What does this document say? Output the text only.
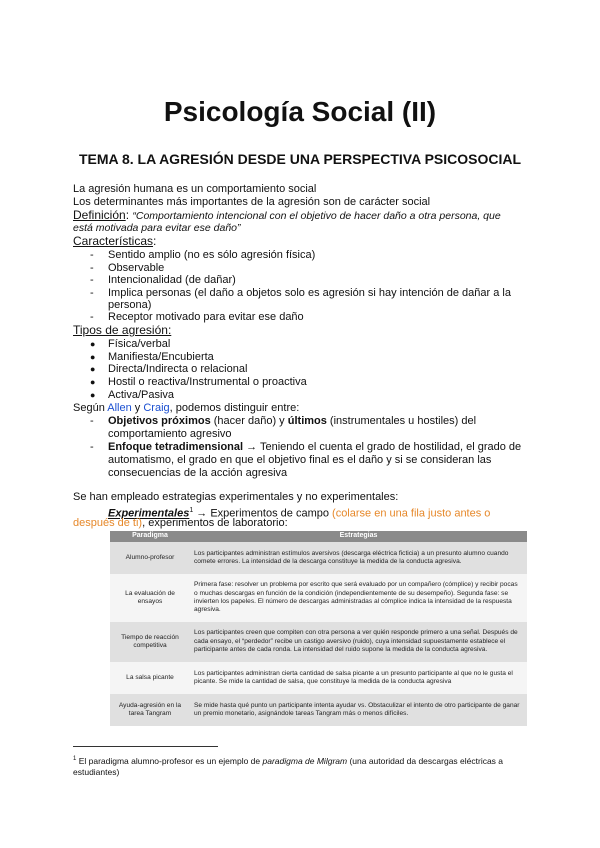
Psicología Social (II)
TEMA 8. LA AGRESIÓN DESDE UNA PERSPECTIVA PSICOSOCIAL
La agresión humana es un comportamiento social
Los determinantes más importantes de la agresión son de carácter social
Definición: “Comportamiento intencional con el objetivo de hacer daño a otra persona, que
está motivada para evitar ese daño”
Características:
- Sentido amplio (no es sólo agresión física)
- Observable
- Intencionalidad (de dañar)
- Implica personas (el daño a objetos solo es agresión si hay intención de dañar a la
persona)
- Receptor motivado para evitar ese daño
Tipos de agresión:
● Física/verbal
● Manifiesta/Encubierta
● Directa/Indirecta o relacional
● Hostil o reactiva/Instrumental o proactiva
● Activa/Pasiva
Según Allen y Craig, podemos distinguir entre:
- Objetivos próximos (hacer daño) y últimos (instrumentales u hostiles) del
comportamiento agresivo
- Enfoque tetradimensional → Teniendo el cuenta el grado de hostilidad, el grado de
automatismo, el grado en que el objetivo final es el daño y si se consideran las
consecuencias de la acción agresiva
Se han empleado estrategias experimentales y no experimentales:
Experimentales$^1$ → Experimentos de campo (colarse en una fila justo antes o
después de ti), experimentos de laboratorio:
Paradigma	Estrategias
Alumno-profesor	Los participantes administran estímulos aversivos (descarga eléctrica ficticia) a un presunto alumno cuando comete errores. La intensidad de la descarga constituye la medida de la conducta agresiva.
La evaluación de ensayos	Primera fase: resolver un problema por escrito que será evaluado por un compañero (cómplice) y recibir pocas o muchas descargas en función de la condición (independientemente de su desempeño). Segunda fase: se invierten los papeles. El número de descargas administradas al cómplice indica la intensidad de la respuesta agresiva.
Tiempo de reacción competitiva	Los participantes creen que compiten con otra persona a ver quién responde primero a una señal. Después de cada ensayo, el “perdedor” recibe un castigo aversivo (ruido), cuya intensidad supuestamente establece el participante antes de cada ronda. La intensidad del ruido supone la medida de la conducta agresiva.
La salsa picante	Los participantes administran cierta cantidad de salsa picante a un presunto participante al que no le gusta el picante. Se mide la cantidad de salsa, que constituye la medida de la conducta agresiva
Ayuda-agresión en la tarea Tangram	Se mide hasta qué punto un participante intenta ayudar vs. Obstaculizar el intento de otro participante de ganar un premio monetario, asignándole tareas Tangram más o menos difíciles.
$^1$ El paradigma alumno-profesor es un ejemplo de paradigma de Milgram (una autoridad da descargas eléctricas a estudiantes)
